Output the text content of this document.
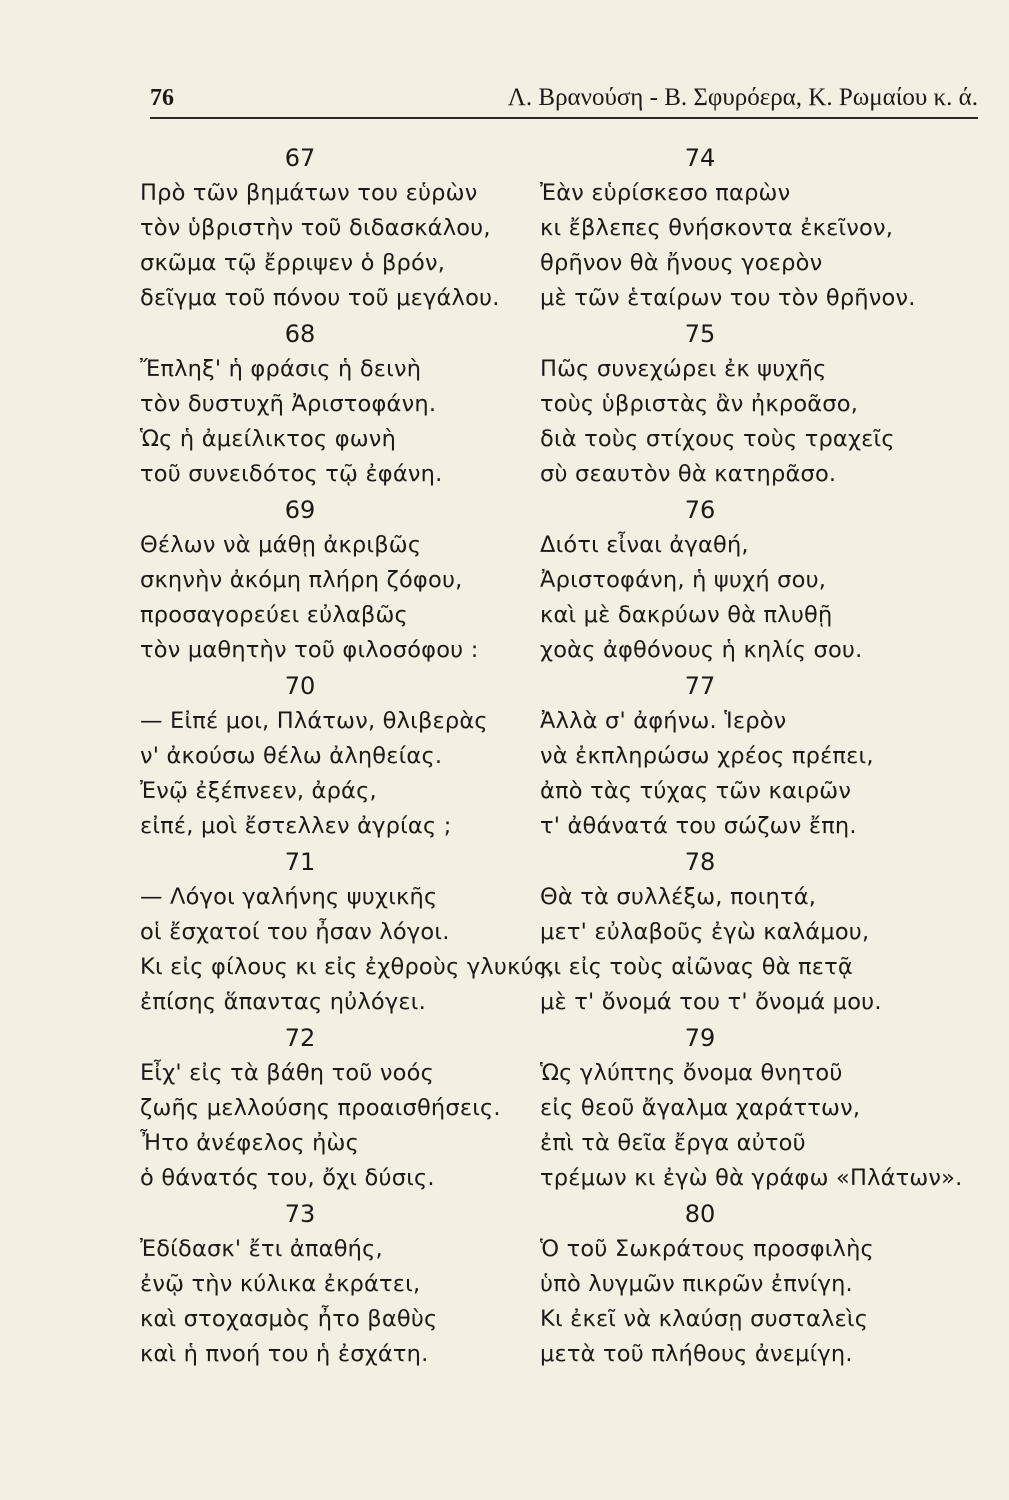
76	Λ. Βρανούση - Β. Σφυρόερα, Κ. Ρωμαίου κ. ά.
67
Πρὸ τῶν βημάτων του εὑρὼν
τὸν ὑβριστὴν τοῦ διδασκάλου,
σκῶμα τῷ ἔρριψεν ὁ βρόν,
δεῖγμα τοῦ πόνου τοῦ μεγάλου.
68
Ἔπληξ' ἡ φράσις ἡ δεινὴ
τὸν δυστυχῆ Ἀριστοφάνη.
Ὡς ἡ ἀμείλικτος φωνὴ
τοῦ συνειδότος τῷ ἐφάνη.
69
Θέλων νὰ μάθῃ ἀκριβῶς
σκηνὴν ἀκόμη πλήρη ζόφου,
προσαγορεύει εὐλαβῶς
τὸν μαθητὴν τοῦ φιλοσόφου :
70
— Εἰπέ μοι, Πλάτων, θλιβερὰς
ν' ἀκούσω θέλω ἀληθείας.
Ἐνῷ ἐξέπνεεν, ἀράς,
εἰπέ, μοὶ ἔστελλεν ἀγρίας ;
71
— Λόγοι γαλήνης ψυχικῆς
οἱ ἔσχατοί του ἦσαν λόγοι.
Κι εἰς φίλους κι εἰς ἐχθροὺς γλυκύς,
ἐπίσης ἅπαντας ηὐλόγει.
72
Εἶχ' εἰς τὰ βάθη τοῦ νοός
ζωῆς μελλούσης προαισθήσεις.
Ἦτο ἀνέφελος ἠὼς
ὁ θάνατός του, ὄχι δύσις.
73
Ἐδίδασκ' ἔτι ἀπαθής,
ἐνῷ τὴν κύλικα ἐκράτει,
καὶ στοχασμὸς ἦτο βαθὺς
καὶ ἡ πνοή του ἡ ἐσχάτη.
74
Ἐὰν εὑρίσκεσο παρὼν
κι ἔβλεπες θνήσκοντα ἐκεῖνον,
θρῆνον θὰ ἤνους γοερὸν
μὲ τῶν ἑταίρων του τὸν θρῆνον.
75
Πῶς συνεχώρει ἐκ ψυχῆς
τοὺς ὑβριστὰς ἂν ἠκροᾶσο,
διὰ τοὺς στίχους τοὺς τραχεῖς
σὺ σεαυτὸν θὰ κατηρᾶσο.
76
Διότι εἶναι ἀγαθή,
Ἀριστοφάνη, ἡ ψυχή σου,
καὶ μὲ δακρύων θὰ πλυθῇ
χοὰς ἀφθόνους ἡ κηλίς σου.
77
Ἀλλὰ σ' ἀφήνω. Ἱερὸν
νὰ ἐκπληρώσω χρέος πρέπει,
ἀπὸ τὰς τύχας τῶν καιρῶν
τ' ἀθάνατά του σώζων ἔπη.
78
Θὰ τὰ συλλέξω, ποιητά,
μετ' εὐλαβοῦς ἐγὼ καλάμου,
κι εἰς τοὺς αἰῶνας θὰ πετᾷ
μὲ τ' ὄνομά του τ' ὄνομά μου.
79
Ὡς γλύπτης ὄνομα θνητοῦ
εἰς θεοῦ ἄγαλμα χαράττων,
ἐπὶ τὰ θεῖα ἔργα αὐτοῦ
τρέμων κι ἐγὼ θὰ γράφω «Πλάτων».
80
Ὁ τοῦ Σωκράτους προσφιλὴς
ὑπὸ λυγμῶν πικρῶν ἐπνίγη.
Κι ἐκεῖ νὰ κλαύσῃ συσταλεὶς
μετὰ τοῦ πλήθους ἀνεμίγη.
